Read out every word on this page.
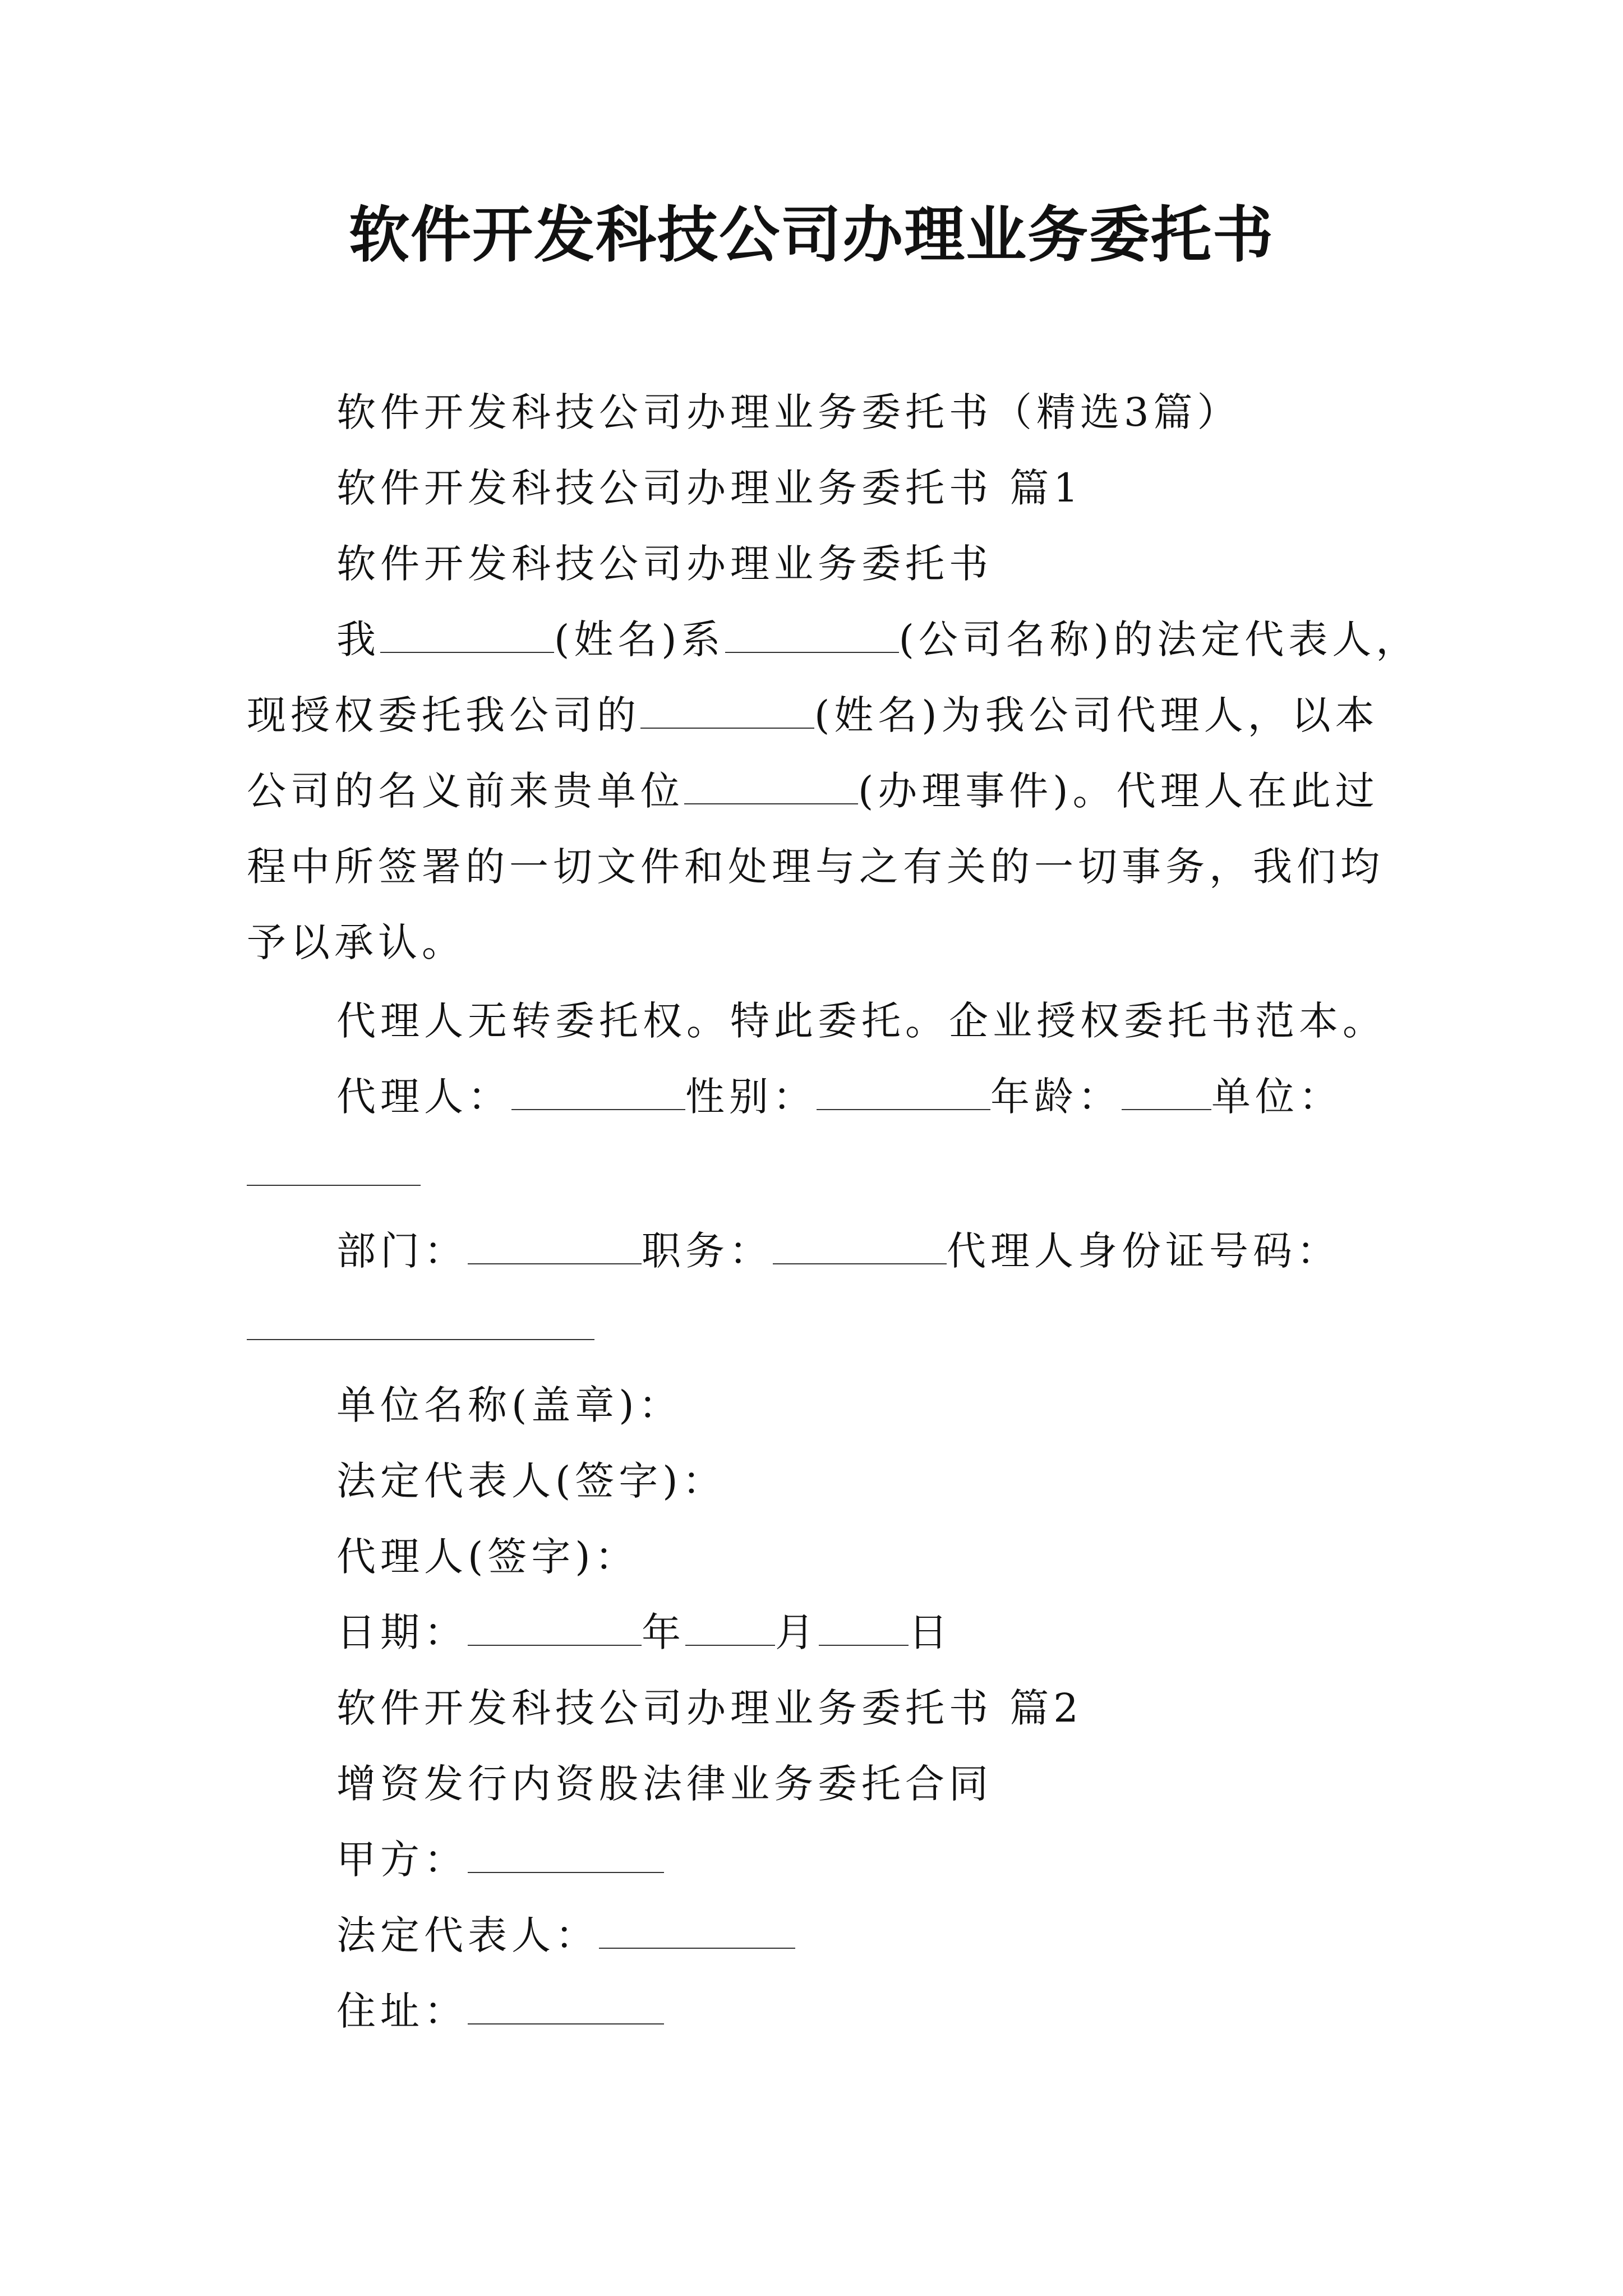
软件开发科技公司办理业务委托书
软件开发科技公司办理业务委托书（精选3篇）
软件开发科技公司办理业务委托书 篇1
软件开发科技公司办理业务委托书
我	(姓名)系	(公司名称)的法定代表人，
现授权委托我公司的	(姓名)为我公司代理人，以本
公司的名义前来贵单位	(办理事件)。代理人在此过
程中所签署的一切文件和处理与之有关的一切事务，我们均
予以承认。
代理人无转委托权。特此委托。企业授权委托书范本。
代理人：	性别：	年龄： 单位：
部门：	职务：	代理人身份证号码：
单位名称(盖章)：
法定代表人(签字)：
代理人(签字)：
日期：	年 月 日
软件开发科技公司办理业务委托书 篇2
增资发行内资股法律业务委托合同
甲方：
法定代表人：
住址：
